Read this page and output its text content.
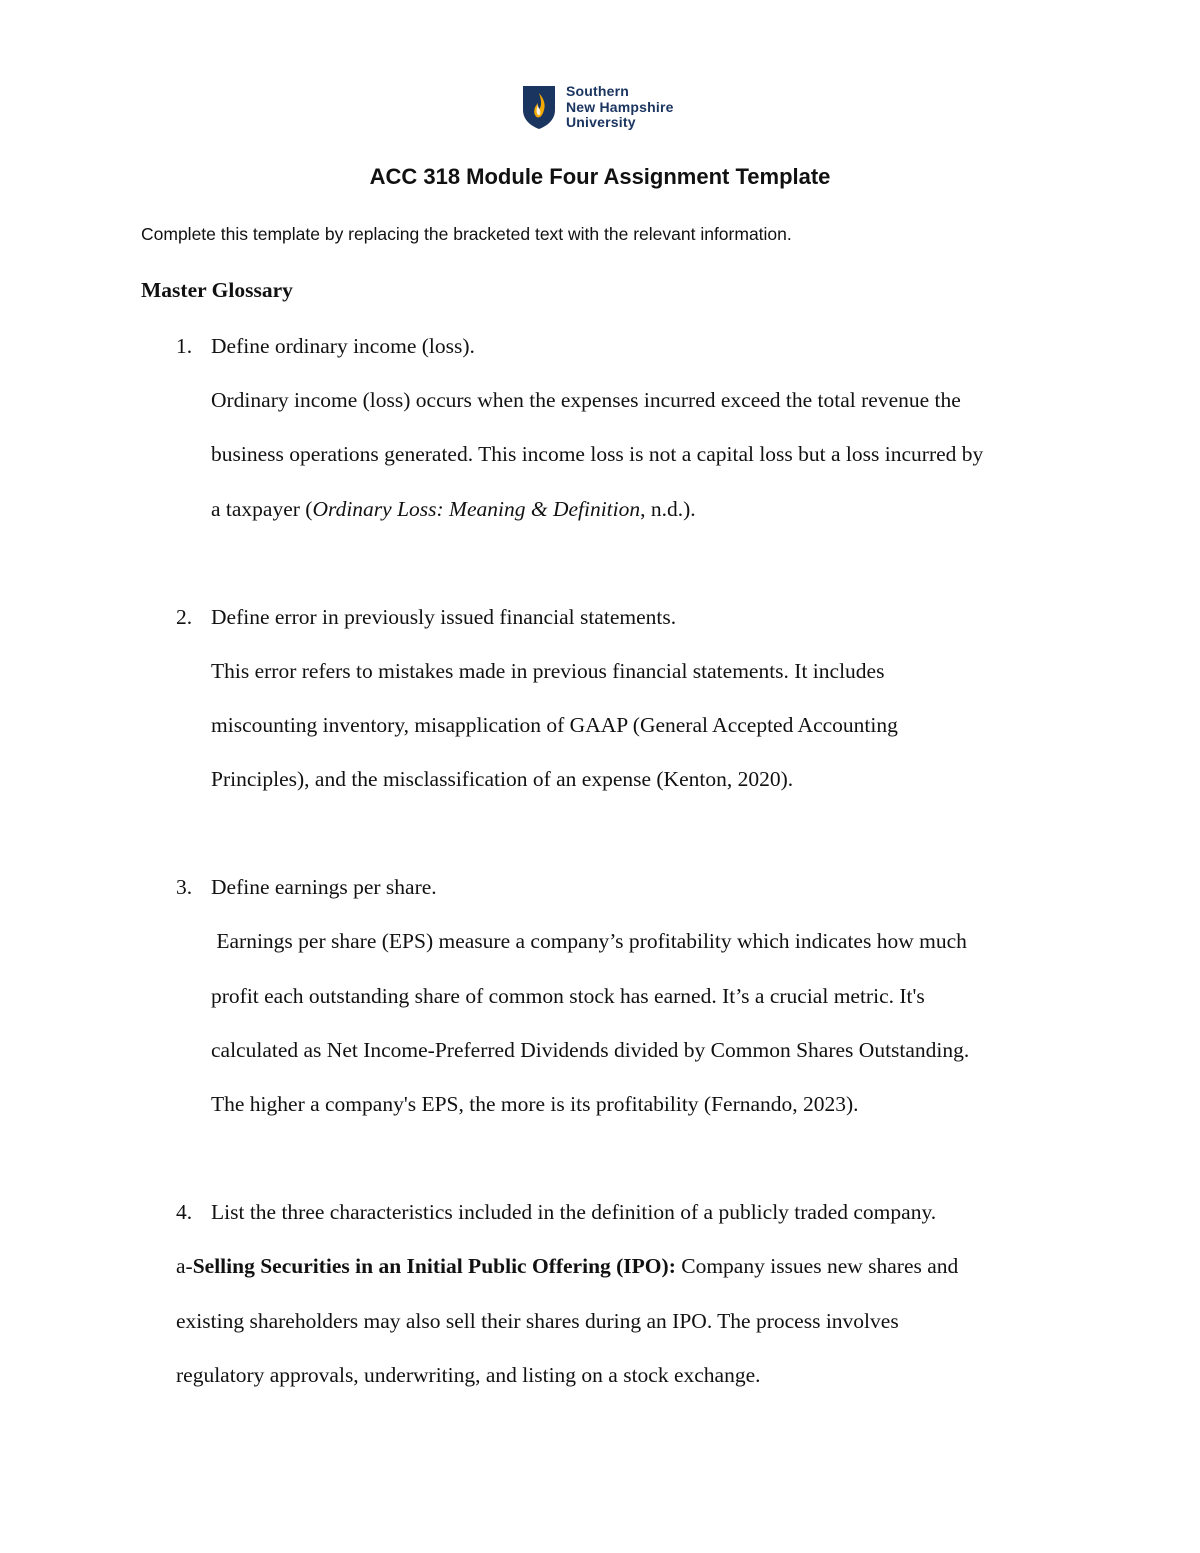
Southern
New Hampshire
University
ACC 318 Module Four Assignment Template
Complete this template by replacing the bracketed text with the relevant information.
Master Glossary
1. Define ordinary income (loss).
Ordinary income (loss) occurs when the expenses incurred exceed the total revenue the
business operations generated. This income loss is not a capital loss but a loss incurred by
a taxpayer (Ordinary Loss: Meaning & Definition, n.d.).
2. Define error in previously issued financial statements.
This error refers to mistakes made in previous financial statements. It includes
miscounting inventory, misapplication of GAAP (General Accepted Accounting
Principles), and the misclassification of an expense (Kenton, 2020).
3. Define earnings per share.
Earnings per share (EPS) measure a company’s profitability which indicates how much
profit each outstanding share of common stock has earned. It’s a crucial metric. It's
calculated as Net Income-Preferred Dividends divided by Common Shares Outstanding.
The higher a company's EPS, the more is its profitability (Fernando, 2023).
4. List the three characteristics included in the definition of a publicly traded company.
a-Selling Securities in an Initial Public Offering (IPO): Company issues new shares and
existing shareholders may also sell their shares during an IPO. The process involves
regulatory approvals, underwriting, and listing on a stock exchange.
